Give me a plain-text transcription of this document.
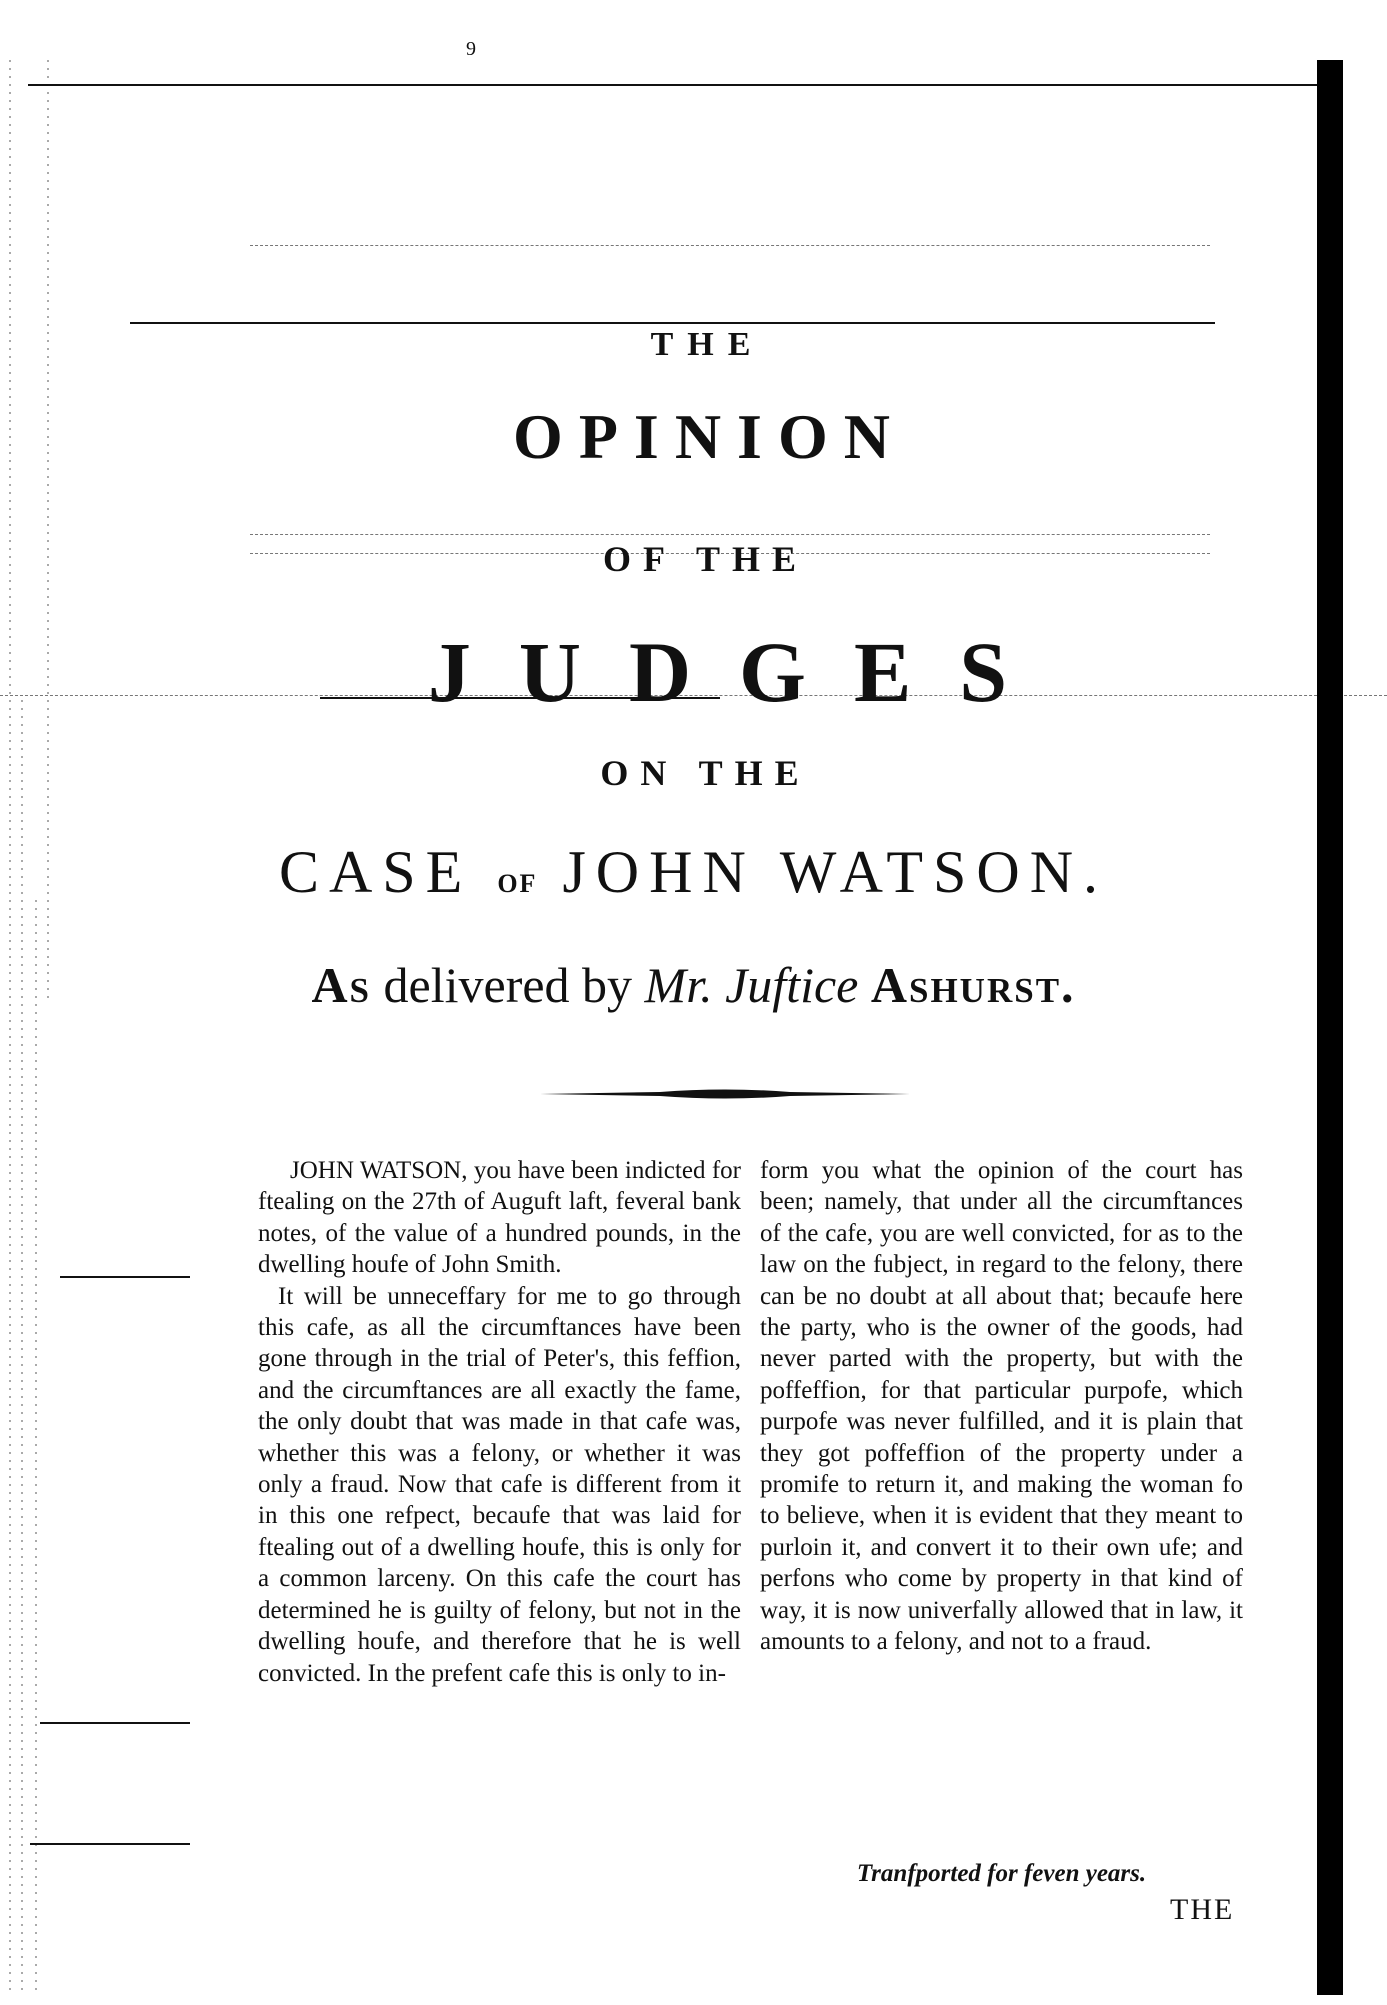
9
THE
OPINION
OF THE
JUDGES
ON THE
CASE OF JOHN WATSON.
As delivered by Mr. Juftice Ashurst.

JOHN WATSON, you have been indicted for ftealing on the 27th of Auguft laft, feveral bank notes, of the value of a hundred pounds, in the dwelling houfe of John Smith.

It will be unneceffary for me to go through this cafe, as all the circumftances have been gone through in the trial of Peter's, this feffion, and the circumftances are all exactly the fame, the only doubt that was made in that cafe was, whether this was a felony, or whether it was only a fraud. Now that cafe is different from it in this one refpect, becaufe that was laid for ftealing out of a dwelling houfe, this is only for a common larceny. On this cafe the court has determined he is guilty of felony, but not in the dwelling houfe, and therefore that he is well convicted. In the prefent cafe this is only to in-

form you what the opinion of the court has been; namely, that under all the circumftances of the cafe, you are well convicted, for as to the law on the fubject, in regard to the felony, there can be no doubt at all about that; becaufe here the party, who is the owner of the goods, had never parted with the property, but with the poffeffion, for that particular purpofe, which purpofe was never fulfilled, and it is plain that they got poffeffion of the property under a promife to return it, and making the woman fo to believe, when it is evident that they meant to purloin it, and convert it to their own ufe; and perfons who come by property in that kind of way, it is now univerfally allowed that in law, it amounts to a felony, and not to a fraud.

Tranfported for feven years.
THE
